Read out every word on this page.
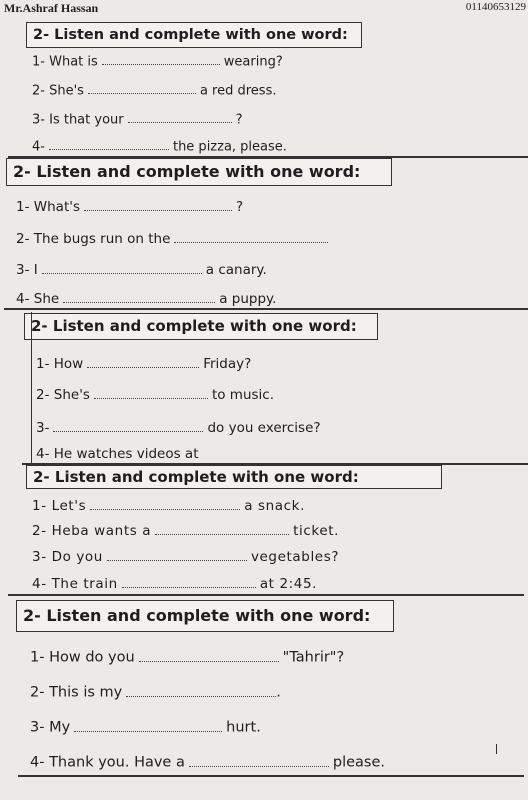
Mr.Ashraf Hassan	01140653129
2- Listen and complete with one word:
1- What is	wearing?
2- She's	a red dress.
3- Is that your	?
4-	the pizza, please.
2- Listen and complete with one word:
1- What's	?
2- The bugs run on the
3- I	a canary.
4- She	a puppy.
2- Listen and complete with one word:
1- How	Friday?
2- She's	to music.
3-	do you exercise?
4- He watches videos at
2- Listen and complete with one word:
1- Let's	a snack.
2- Heba wants a	ticket.
3- Do you	vegetables?
4- The train	at 2:45.
2- Listen and complete with one word:
1- How do you	"Tahrir"?
2- This is my	.
3- My	hurt.
4- Thank you. Have a	please.
